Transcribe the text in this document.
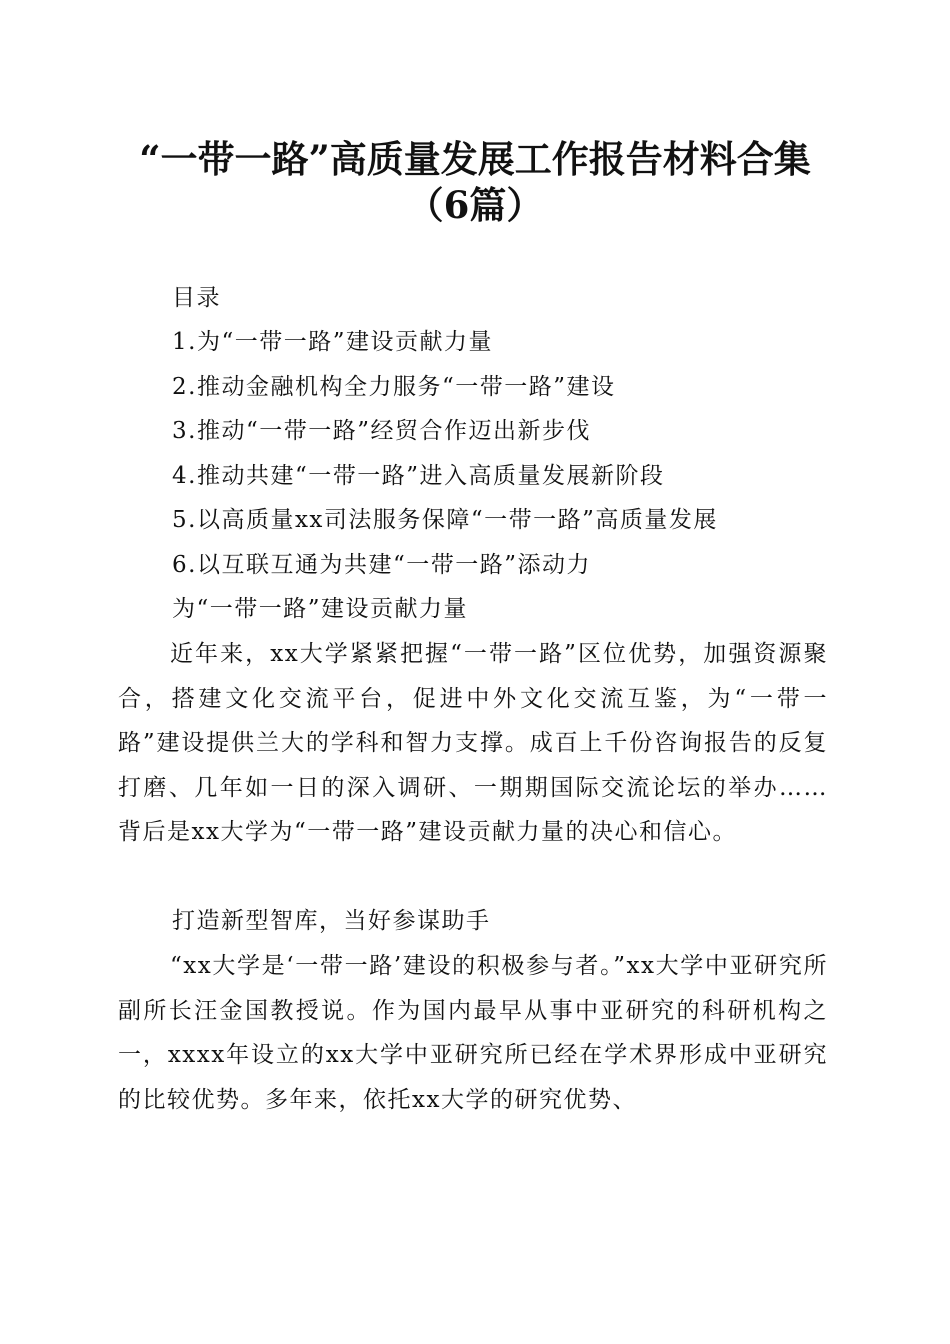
“一带一路”高质量发展工作报告材料合集
（6篇）
目录
1.为“一带一路”建设贡献力量
2.推动金融机构全力服务“一带一路”建设
3.推动“一带一路”经贸合作迈出新步伐
4.推动共建“一带一路”进入高质量发展新阶段
5.以高质量xx司法服务保障“一带一路”高质量发展
6.以互联互通为共建“一带一路”添动力
为“一带一路”建设贡献力量
近年来，xx大学紧紧把握“一带一路”区位优势，加强资源聚合，搭建文化交流平台，促进中外文化交流互鉴，为“一带一路”建设提供兰大的学科和智力支撑。成百上千份咨询报告的反复打磨、几年如一日的深入调研、一期期国际交流论坛的举办……背后是xx大学为“一带一路”建设贡献力量的决心和信心。
打造新型智库，当好参谋助手
“xx大学是‘一带一路’建设的积极参与者。”xx大学中亚研究所副所长汪金国教授说。作为国内最早从事中亚研究的科研机构之一，xxxx年设立的xx大学中亚研究所已经在学术界形成中亚研究的比较优势。多年来，依托xx大学的研究优势、
